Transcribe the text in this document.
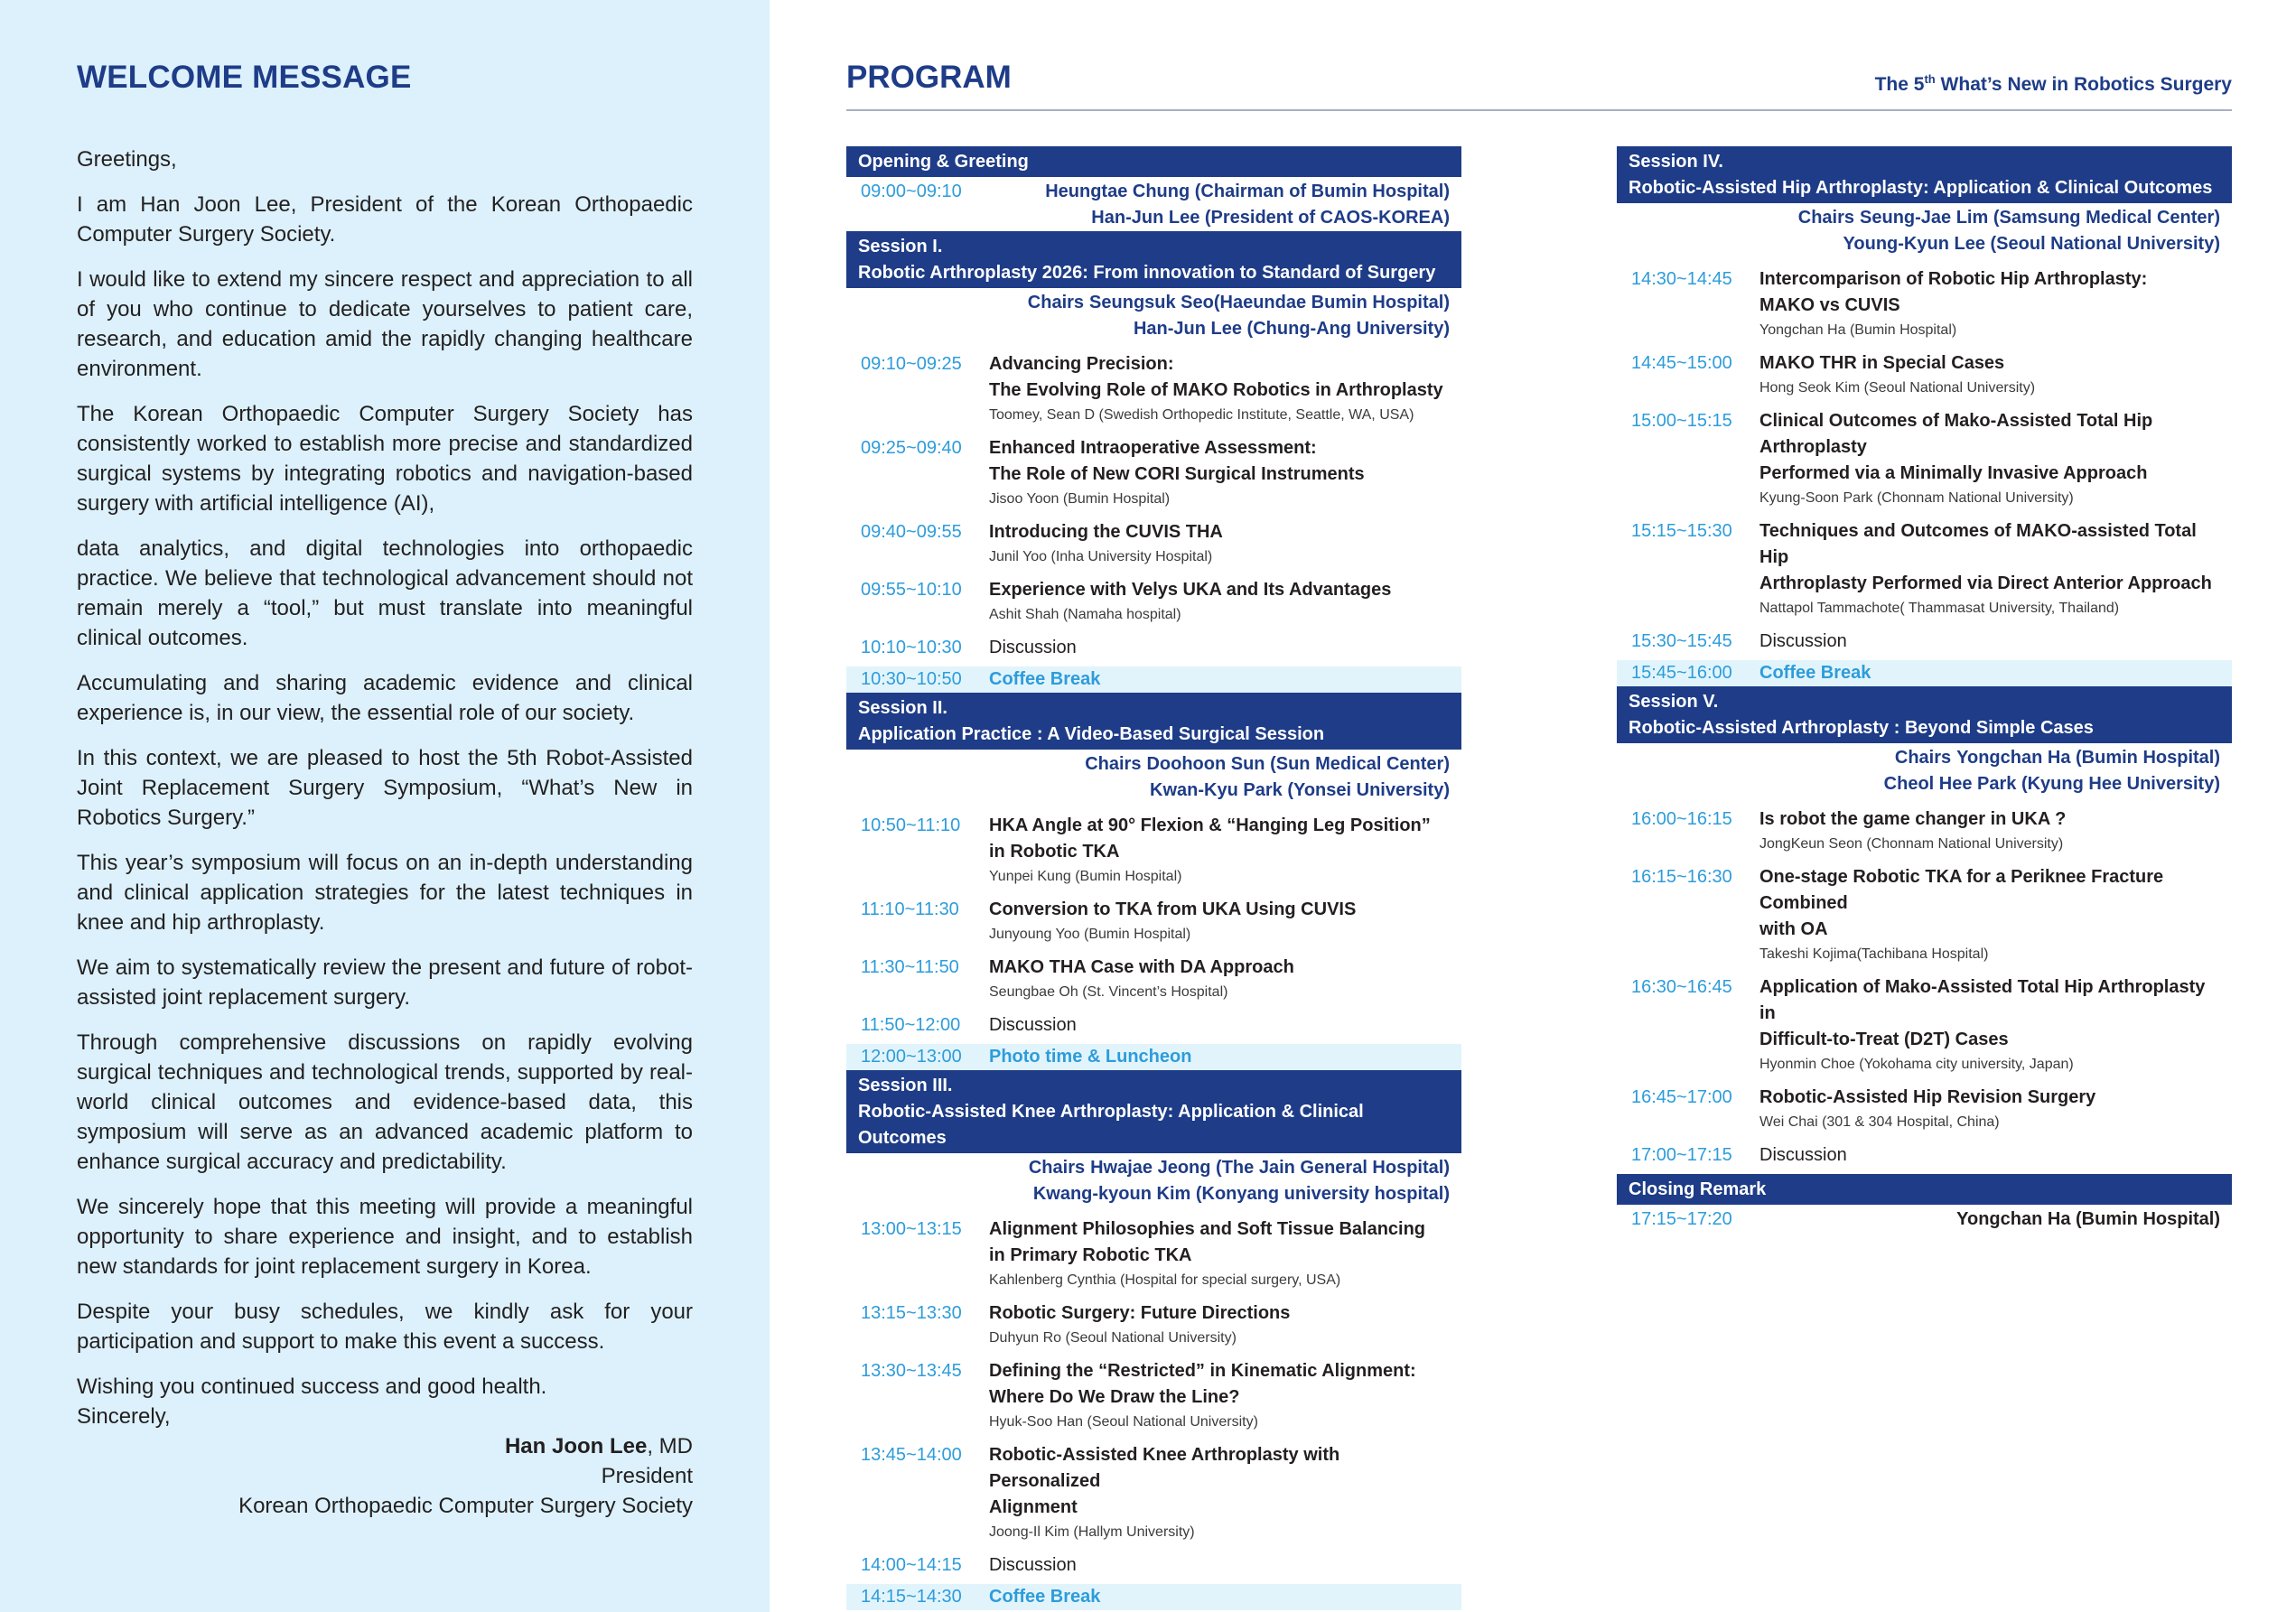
WELCOME MESSAGE

Greetings,

I am Han Joon Lee, President of the Korean Orthopaedic Computer Surgery Society.

I would like to extend my sincere respect and appreciation to all of you who continue to dedicate yourselves to patient care, research, and education amid the rapidly changing healthcare environment.

The Korean Orthopaedic Computer Surgery Society has consistently worked to establish more precise and standardized surgical systems by integrating robotics and navigation-based surgery with artificial intelligence (AI),

data analytics, and digital technologies into orthopaedic practice. We believe that technological advancement should not remain merely a “tool,” but must translate into meaningful clinical outcomes.

Accumulating and sharing academic evidence and clinical experience is, in our view, the essential role of our society.

In this context, we are pleased to host the 5th Robot-Assisted Joint Replacement Surgery Symposium, “What’s New in Robotics Surgery.”

This year’s symposium will focus on an in-depth understanding and clinical application strategies for the latest techniques in knee and hip arthroplasty.

We aim to systematically review the present and future of robot-assisted joint replacement surgery.

Through comprehensive discussions on rapidly evolving surgical techniques and technological trends, supported by real-world clinical outcomes and evidence-based data, this symposium will serve as an advanced academic platform to enhance surgical accuracy and predictability.

We sincerely hope that this meeting will provide a meaningful opportunity to share experience and insight, and to establish new standards for joint replacement surgery in Korea.

Despite your busy schedules, we kindly ask for your participation and support to make this event a success.

Wishing you continued success and good health.
Sincerely,
Han Joon Lee, MD
President
Korean Orthopaedic Computer Surgery Society
PROGRAM	The 5th What’s New in Robotics Surgery
Opening & Greeting
09:00~09:10	Heungtae Chung (Chairman of Bumin Hospital)
Han-Jun Lee (President of CAOS-KOREA)
Session I.
Robotic Arthroplasty 2026: From innovation to Standard of Surgery
Chairs Seungsuk Seo(Haeundae Bumin Hospital)
Han-Jun Lee (Chung-Ang University)
09:10~09:25	Advancing Precision:
The Evolving Role of MAKO Robotics in Arthroplasty
Toomey, Sean D (Swedish Orthopedic Institute, Seattle, WA, USA)
09:25~09:40	Enhanced Intraoperative Assessment:
The Role of New CORI Surgical Instruments
Jisoo Yoon (Bumin Hospital)
09:40~09:55	Introducing the CUVIS THA
Junil Yoo (Inha University Hospital)
09:55~10:10	Experience with Velys UKA and Its Advantages
Ashit Shah (Namaha hospital)
10:10~10:30	Discussion
10:30~10:50	Coffee Break
Session II.
Application Practice : A Video-Based Surgical Session
Chairs Doohoon Sun (Sun Medical Center)
Kwan-Kyu Park (Yonsei University)
10:50~11:10	HKA Angle at 90° Flexion & “Hanging Leg Position”
in Robotic TKA
Yunpei Kung (Bumin Hospital)
11:10~11:30	Conversion to TKA from UKA Using CUVIS
Junyoung Yoo (Bumin Hospital)
11:30~11:50	MAKO THA Case with DA Approach
Seungbae Oh (St. Vincent’s Hospital)
11:50~12:00	Discussion
12:00~13:00	Photo time & Luncheon
Session III.
Robotic-Assisted Knee Arthroplasty: Application & Clinical Outcomes
Chairs Hwajae Jeong (The Jain General Hospital)
Kwang-kyoun Kim (Konyang university hospital)
13:00~13:15	Alignment Philosophies and Soft Tissue Balancing
in Primary Robotic TKA
Kahlenberg Cynthia (Hospital for special surgery, USA)
13:15~13:30	Robotic Surgery: Future Directions
Duhyun Ro (Seoul National University)
13:30~13:45	Defining the “Restricted” in Kinematic Alignment:
Where Do We Draw the Line?
Hyuk-Soo Han (Seoul National University)
13:45~14:00	Robotic-Assisted Knee Arthroplasty with Personalized
Alignment
Joong-Il Kim (Hallym University)
14:00~14:15	Discussion
14:15~14:30	Coffee Break
Session IV.
Robotic-Assisted Hip Arthroplasty: Application & Clinical Outcomes
Chairs Seung-Jae Lim (Samsung Medical Center)
Young-Kyun Lee (Seoul National University)
14:30~14:45	Intercomparison of Robotic Hip Arthroplasty:
MAKO vs CUVIS
Yongchan Ha (Bumin Hospital)
14:45~15:00	MAKO THR in Special Cases
Hong Seok Kim (Seoul National University)
15:00~15:15	Clinical Outcomes of Mako-Assisted Total Hip Arthroplasty
Performed via a Minimally Invasive Approach
Kyung-Soon Park (Chonnam National University)
15:15~15:30	Techniques and Outcomes of MAKO-assisted Total Hip
Arthroplasty Performed via Direct Anterior Approach
Nattapol Tammachote( Thammasat University, Thailand)
15:30~15:45	Discussion
15:45~16:00	Coffee Break
Session V.
Robotic-Assisted Arthroplasty : Beyond Simple Cases
Chairs Yongchan Ha (Bumin Hospital)
Cheol Hee Park (Kyung Hee University)
16:00~16:15	Is robot the game changer in UKA ?
JongKeun Seon (Chonnam National University)
16:15~16:30	One-stage Robotic TKA for a Periknee Fracture Combined
with OA
Takeshi Kojima(Tachibana Hospital)
16:30~16:45	Application of Mako-Assisted Total Hip Arthroplasty in
Difficult-to-Treat (D2T) Cases
Hyonmin Choe (Yokohama city university, Japan)
16:45~17:00	Robotic-Assisted Hip Revision Surgery
Wei Chai (301 & 304 Hospital, China)
17:00~17:15	Discussion
Closing Remark
17:15~17:20	Yongchan Ha (Bumin Hospital)
